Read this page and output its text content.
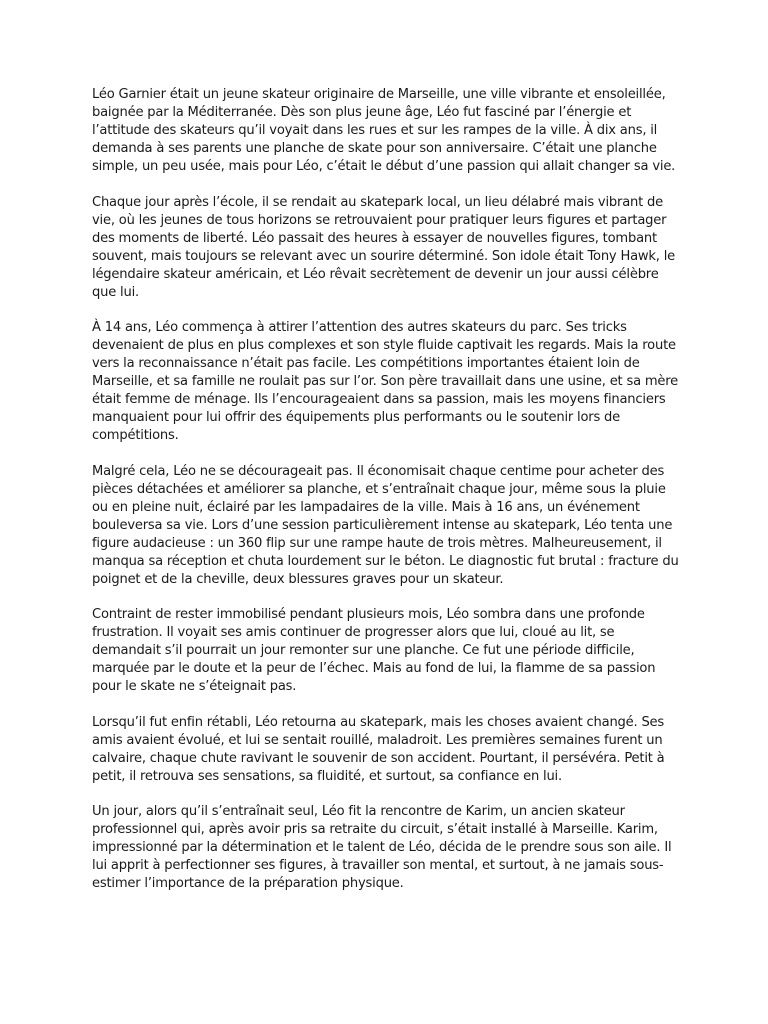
Léo Garnier était un jeune skateur originaire de Marseille, une ville vibrante et ensoleillée, baignée par la Méditerranée. Dès son plus jeune âge, Léo fut fasciné par l’énergie et l’attitude des skateurs qu’il voyait dans les rues et sur les rampes de la ville. À dix ans, il demanda à ses parents une planche de skate pour son anniversaire. C’était une planche simple, un peu usée, mais pour Léo, c’était le début d’une passion qui allait changer sa vie.

Chaque jour après l’école, il se rendait au skatepark local, un lieu délabré mais vibrant de vie, où les jeunes de tous horizons se retrouvaient pour pratiquer leurs figures et partager des moments de liberté. Léo passait des heures à essayer de nouvelles figures, tombant souvent, mais toujours se relevant avec un sourire déterminé. Son idole était Tony Hawk, le légendaire skateur américain, et Léo rêvait secrètement de devenir un jour aussi célèbre que lui.

À 14 ans, Léo commença à attirer l’attention des autres skateurs du parc. Ses tricks devenaient de plus en plus complexes et son style fluide captivait les regards. Mais la route vers la reconnaissance n’était pas facile. Les compétitions importantes étaient loin de Marseille, et sa famille ne roulait pas sur l’or. Son père travaillait dans une usine, et sa mère était femme de ménage. Ils l’encourageaient dans sa passion, mais les moyens financiers manquaient pour lui offrir des équipements plus performants ou le soutenir lors de compétitions.

Malgré cela, Léo ne se décourageait pas. Il économisait chaque centime pour acheter des pièces détachées et améliorer sa planche, et s’entraînait chaque jour, même sous la pluie ou en pleine nuit, éclairé par les lampadaires de la ville. Mais à 16 ans, un événement bouleversa sa vie. Lors d’une session particulièrement intense au skatepark, Léo tenta une figure audacieuse : un 360 flip sur une rampe haute de trois mètres. Malheureusement, il manqua sa réception et chuta lourdement sur le béton. Le diagnostic fut brutal : fracture du poignet et de la cheville, deux blessures graves pour un skateur.

Contraint de rester immobilisé pendant plusieurs mois, Léo sombra dans une profonde frustration. Il voyait ses amis continuer de progresser alors que lui, cloué au lit, se demandait s’il pourrait un jour remonter sur une planche. Ce fut une période difficile, marquée par le doute et la peur de l’échec. Mais au fond de lui, la flamme de sa passion pour le skate ne s’éteignait pas.

Lorsqu’il fut enfin rétabli, Léo retourna au skatepark, mais les choses avaient changé. Ses amis avaient évolué, et lui se sentait rouillé, maladroit. Les premières semaines furent un calvaire, chaque chute ravivant le souvenir de son accident. Pourtant, il persévéra. Petit à petit, il retrouva ses sensations, sa fluidité, et surtout, sa confiance en lui.

Un jour, alors qu’il s’entraînait seul, Léo fit la rencontre de Karim, un ancien skateur professionnel qui, après avoir pris sa retraite du circuit, s’était installé à Marseille. Karim, impressionné par la détermination et le talent de Léo, décida de le prendre sous son aile. Il lui apprit à perfectionner ses figures, à travailler son mental, et surtout, à ne jamais sous-estimer l’importance de la préparation physique.
